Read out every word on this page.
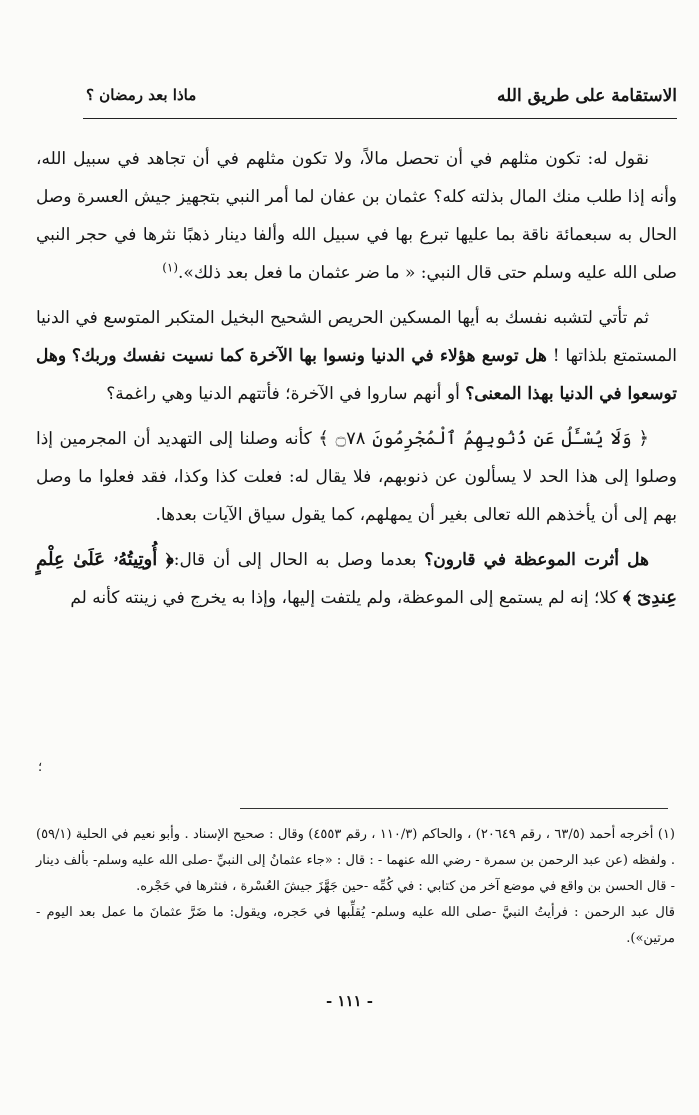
الاستقامة على طريق الله
ماذا بعد رمضان ؟

نقول له: تكون مثلهم في أن تحصل مالاً، ولا تكون مثلهم في أن تجاهد في سبيل الله، وأنه إذا طلب منك المال بذلته كله؟ عثمان بن عفان لما أمر النبي بتجهيز جيش العسرة وصل الحال به سبعمائة ناقة بما عليها تبرع بها في سبيل الله وألفا دينار ذهبًا نثرها في حجر النبي صلى الله عليه وسلم حتى قال النبي: « ما ضر عثمان ما فعل بعد ذلك».$^{(١)}$

ثم تأتي لتشبه نفسك به أيها المسكين الحريص الشحيح البخيل المتكبر المتوسع في الدنيا المستمتع بلذاتها ! هل توسع هؤلاء في الدنيا ونسوا بها الآخرة كما نسيت نفسك وربك؟ وهل توسعوا في الدنيا بهذا المعنى؟ أو أنهم ساروا في الآخرة؛ فأتتهم الدنيا وهي راغمة؟

﴿ وَلَا يُسْـَٔلُ عَن ذُنُوبِهِمُ ٱلْمُجْرِمُونَ ۝٧٨ ﴾ كأنه وصلنا إلى التهديد أن المجرمين إذا وصلوا إلى هذا الحد لا يسألون عن ذنوبهم، فلا يقال له: فعلت كذا وكذا، فقد فعلوا ما وصل بهم إلى أن يأخذهم الله تعالى بغير أن يمهلهم، كما يقول سياق الآيات بعدها.

هل أثرت الموعظة في قارون؟ بعدما وصل به الحال إلى أن قال:﴿ أُوتِيتُهُۥ عَلَىٰ عِلْمٍ عِندِىٓ ﴾ كلا؛ إنه لم يستمع إلى الموعظة، ولم يلتفت إليها، وإذا به يخرج في زينته كأنه لم

؛

(١) أخرجه أحمد (٦٣/٥ ، رقم ٢٠٦٤٩) ، والحاكم (١١٠/٣ ، رقم ٤٥٥٣) وقال : صحيح الإسناد . وأبو نعيم في الحلية (٥٩/١) . ولفظه (عن عبد الرحمن بن سمرة - رضي الله عنهما - : قال : «جاء عثمانُ إلى النبيِّ -صلى الله عليه وسلم- بألف دينار - قال الحسن بن واقع في موضع آخر من كتابي : في كُمِّه -حين جَهَّزَ جيشَ العُسْرة ، فنثرها في حَجْره.

قال عبد الرحمن : فرأيتُ النبيَّ -صلى الله عليه وسلم- يُقلِّبها في حَجره، ويقول: ما ضَرَّ عثمانَ ما عمل بعد اليوم - مرتين»).

- ١١١ -
